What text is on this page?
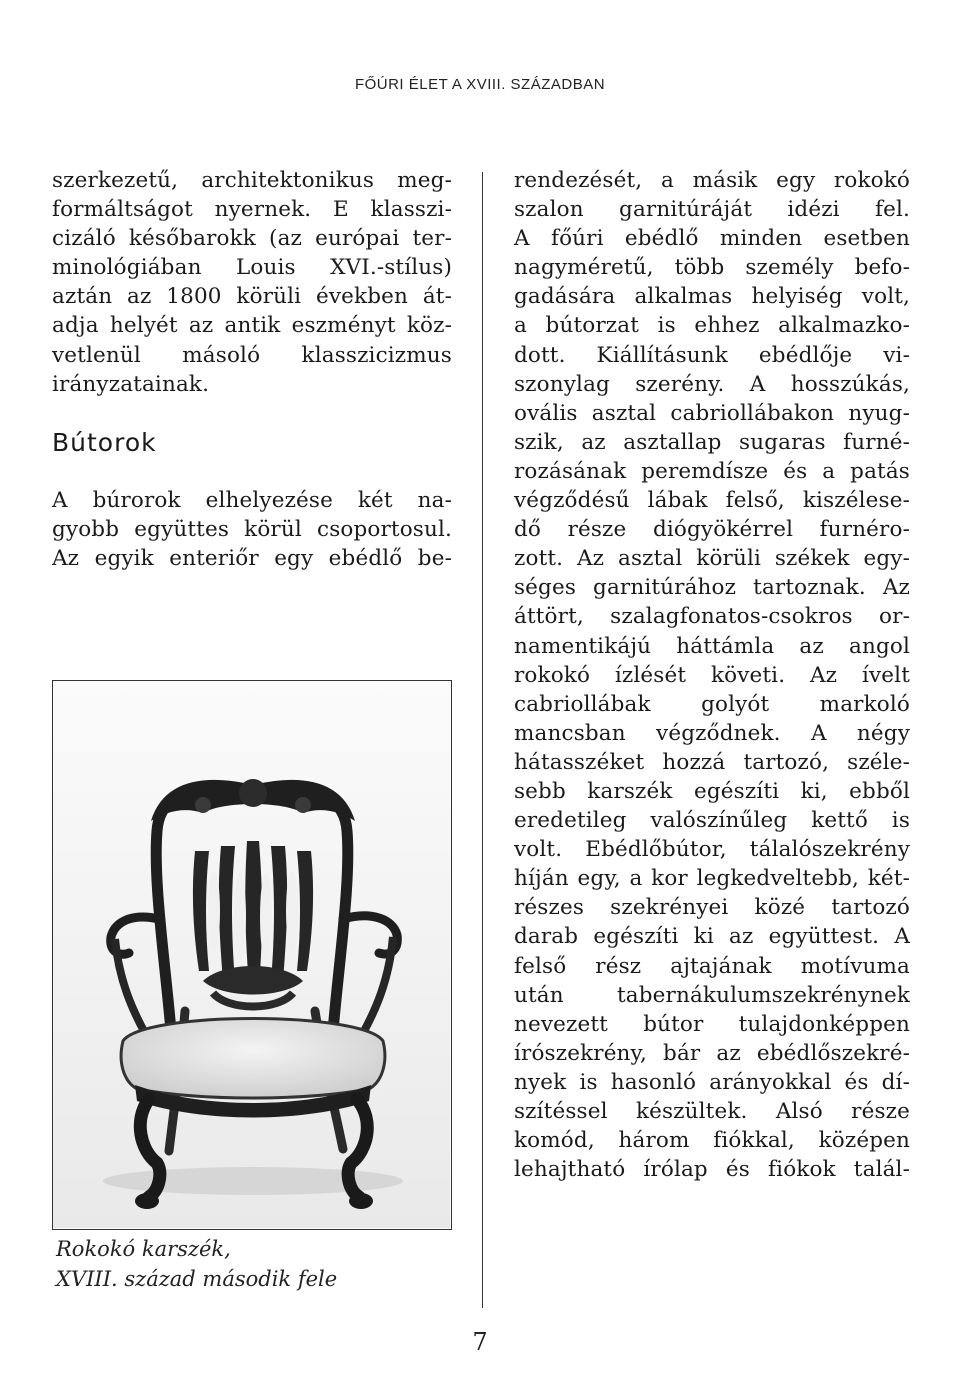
FŐÚRI ÉLET A XVIII. SZÁZADBAN

szerkezetű, architektonikus meg-
formáltságot nyernek. E klasszi-
cizáló későbarokk (az európai ter-
minológiában Louis XVI.-stílus)
aztán az 1800 körüli években át-
adja helyét az antik eszményt köz-
vetlenül másoló klasszicizmus
irányzatainak.

Bútorok

A búrorok elhelyezése két na-
gyobb együttes körül csoportosul.
Az egyik enteriőr egy ebédlő be-

Rokokó karszék,
XVIII. század második fele
rendezését, a másik egy rokokó
szalon garnitúráját idézi fel.
A főúri ebédlő minden esetben
nagyméretű, több személy befo-
gadására alkalmas helyiség volt,
a bútorzat is ehhez alkalmazko-
dott. Kiállításunk ebédlője vi-
szonylag szerény. A hosszúkás,
ovális asztal cabriollábakon nyug-
szik, az asztallap sugaras furné-
rozásának peremdísze és a patás
végződésű lábak felső, kiszélese-
dő része diógyökérrel furnéro-
zott. Az asztal körüli székek egy-
séges garnitúrához tartoznak. Az
áttört, szalagfonatos-csokros or-
namentikájú háttámla az angol
rokokó ízlését követi. Az ívelt
cabriollábak golyót markoló
mancsban végződnek. A négy
hátasszéket hozzá tartozó, széle-
sebb karszék egészíti ki, ebből
eredetileg valószínűleg kettő is
volt. Ebédlőbútor, tálalószekrény
híján egy, a kor legkedveltebb, két-
részes szekrényei közé tartozó
darab egészíti ki az együttest. A
felső rész ajtajának motívuma
után tabernákulumszekrénynek
nevezett bútor tulajdonképpen
írószekrény, bár az ebédlőszekré-
nyek is hasonló arányokkal és dí-
szítéssel készültek. Alsó része
komód, három fiókkal, középen
lehajtható írólap és fiókok talál-
7
